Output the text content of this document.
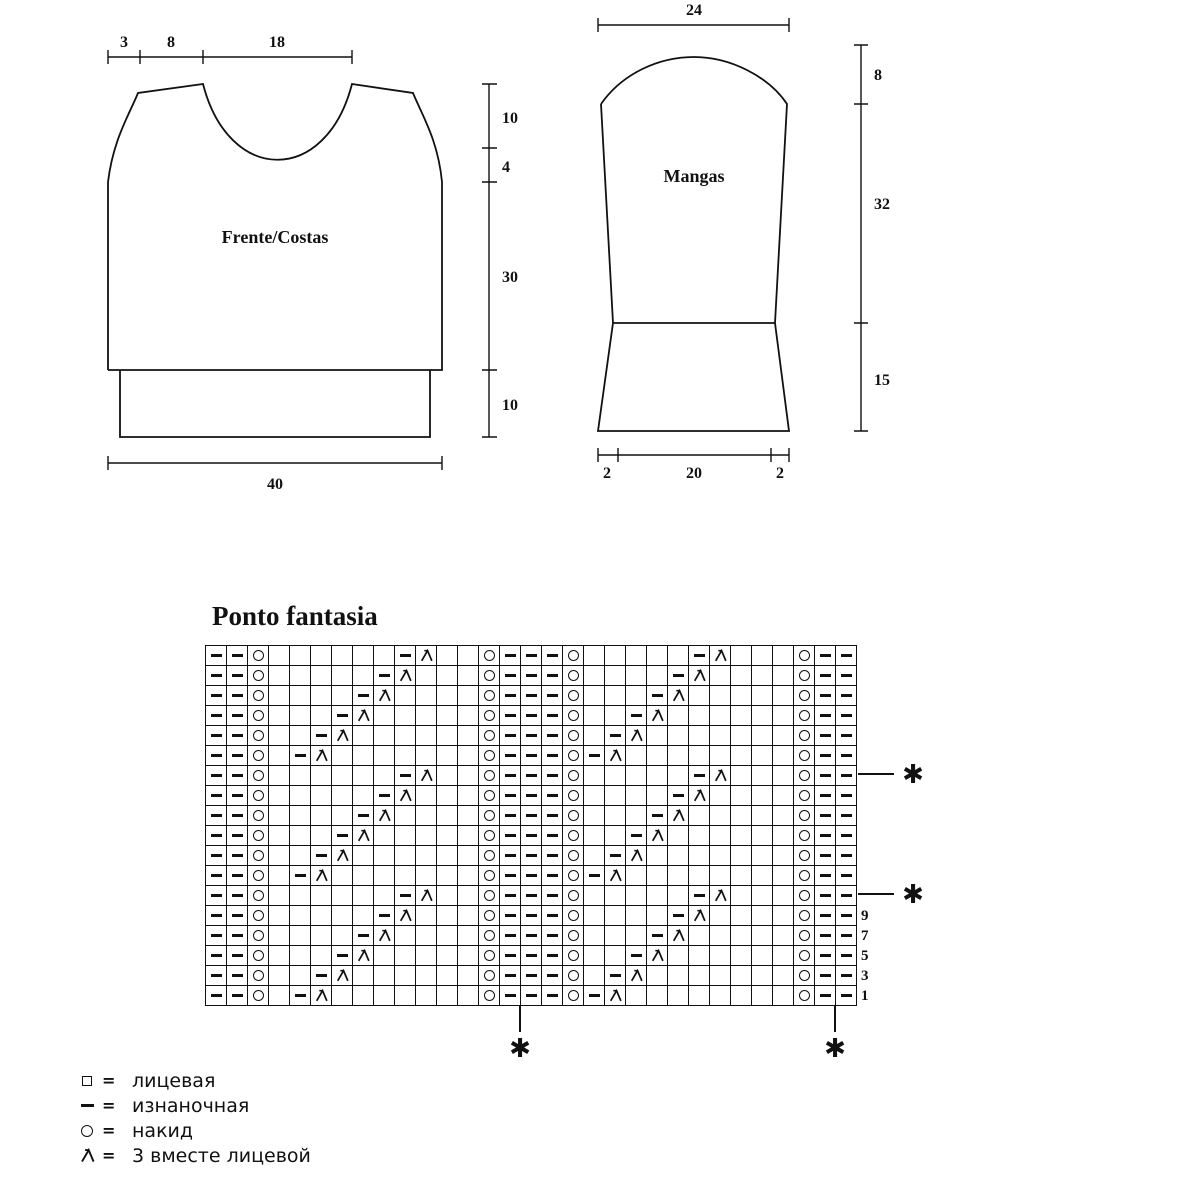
Frente/Costas
3 8	18
10
4
30
10
40
Mangas
24
8
32
15
2	20	2
Ponto fantasia
9
7
5
3
1
✱
✱
✱	✱
= лицевая
= изнаночная
= накид
= 3 вместе лицевой
